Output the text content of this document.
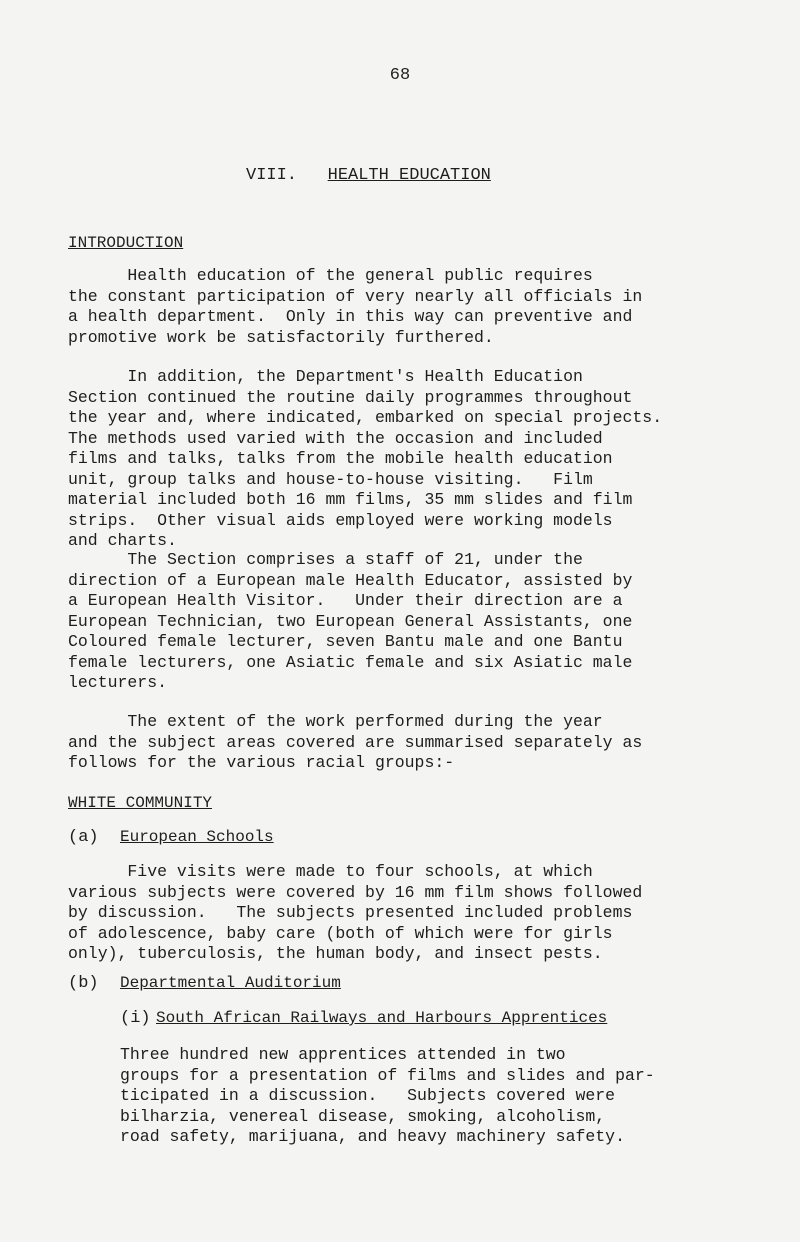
68
VIII. HEALTH EDUCATION
INTRODUCTION
Health education of the general public requires
the constant participation of very nearly all officials in
a health department.  Only in this way can preventive and
promotive work be satisfactorily furthered.
In addition, the Department's Health Education
Section continued the routine daily programmes throughout
the year and, where indicated, embarked on special projects.
The methods used varied with the occasion and included
films and talks, talks from the mobile health education
unit, group talks and house-to-house visiting.   Film
material included both 16 mm films, 35 mm slides and film
strips.  Other visual aids employed were working models
and charts.
The Section comprises a staff of 21, under the
direction of a European male Health Educator, assisted by
a European Health Visitor.   Under their direction are a
European Technician, two European General Assistants, one
Coloured female lecturer, seven Bantu male and one Bantu
female lecturers, one Asiatic female and six Asiatic male
lecturers.
The extent of the work performed during the year
and the subject areas covered are summarised separately as
follows for the various racial groups:-
WHITE COMMUNITY
(a) European Schools
Five visits were made to four schools, at which
various subjects were covered by 16 mm film shows followed
by discussion.   The subjects presented included problems
of adolescence, baby care (both of which were for girls
only), tuberculosis, the human body, and insect pests.
(b) Departmental Auditorium
(i) South African Railways and Harbours Apprentices
Three hundred new apprentices attended in two
groups for a presentation of films and slides and par-
ticipated in a discussion.   Subjects covered were
bilharzia, venereal disease, smoking, alcoholism,
road safety, marijuana, and heavy machinery safety.
